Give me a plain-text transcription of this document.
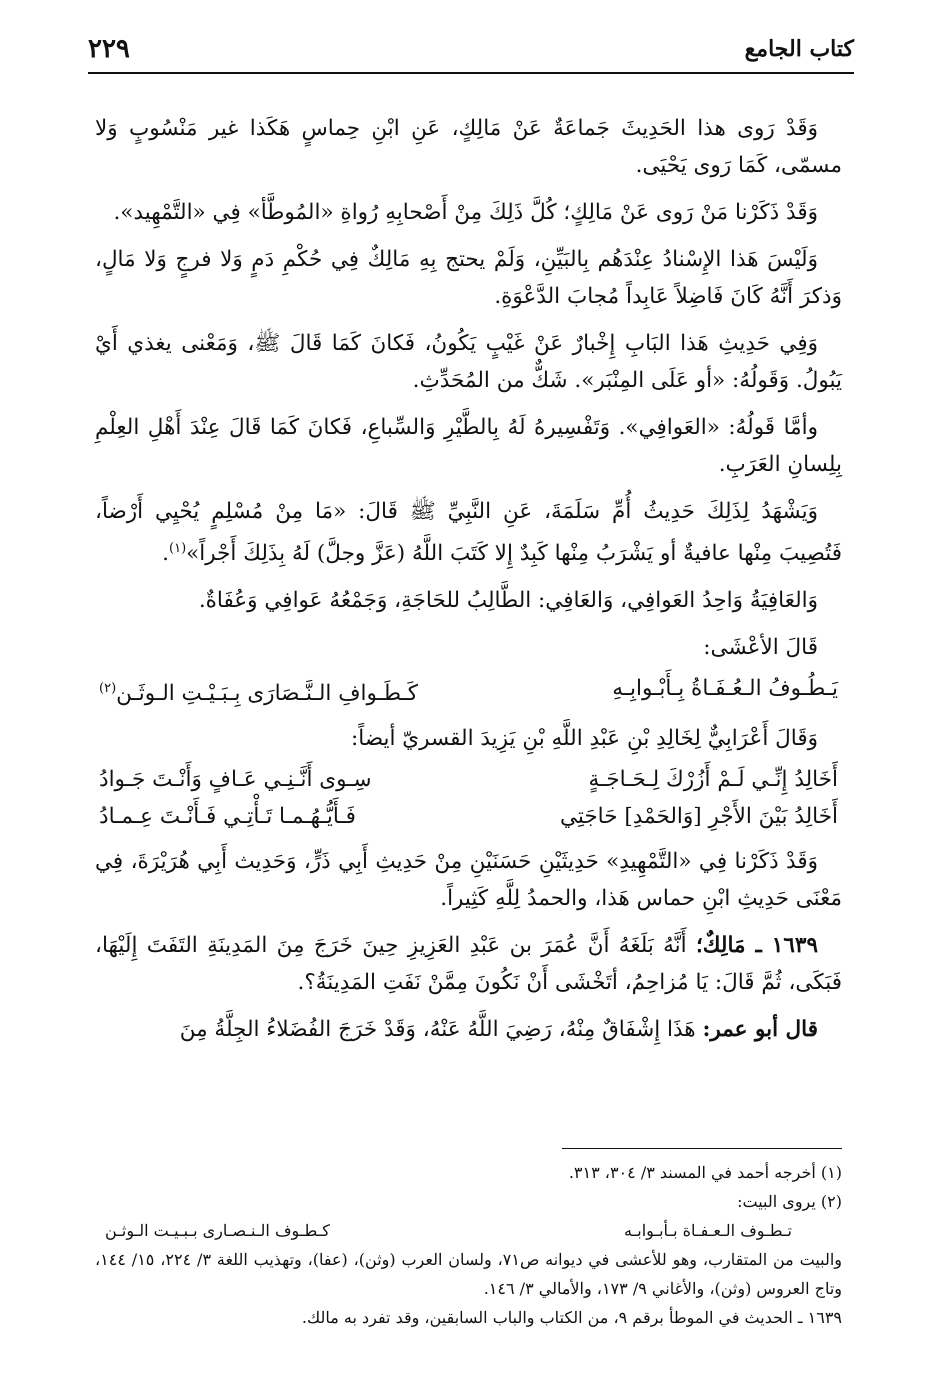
كتاب الجامع
٢٢٩

وَقَدْ رَوى هذا الحَدِيثَ جَماعَةٌ عَنْ مَالِكٍ، عَنِ ابْنِ حِماسٍ هَكَذا غير مَنْسُوبٍ وَلا مسمّى، كَمَا رَوى يَحْيَى.

وَقَدْ ذَكَرْنا مَنْ رَوى عَنْ مَالِكٍ؛ كُلَّ ذَلِكَ مِنْ أَصْحابِهِ رُواةِ «المُوطَّأ» فِي «التَّمْهِيد».

وَلَيْسَ هَذا الإِسْنادُ عِنْدَهُم بِالبَيِّنِ، وَلَمْ يحتج بِهِ مَالِكٌ فِي حُكْمِ دَمٍ وَلا فرجٍ وَلا مَالٍ، وَذكرَ أَنَّهُ كَانَ فَاضِلاً عَابِداً مُجابَ الدَّعْوَةِ.

وَفِي حَدِيثِ هَذا البَابِ إِخْبارٌ عَنْ غَيْبٍ يَكُونُ، فَكانَ كَمَا قَالَ ﷺ، وَمَعْنى يغذي أَيْ يَبُولُ. وَقَولُهُ: «أو عَلَى المِنْبَر». شَكٌّ من المُحَدِّثِ.

وأمَّا قَولُهُ: «العَوافِي». وَتَفْسِيرهُ لَهُ بِالطَّيْرِ وَالسِّباعِ، فَكانَ كَمَا قَالَ عِنْدَ أَهْلِ العِلْمِ بِلِسانِ العَرَبِ.

وَيَشْهَدُ لِذَلِكَ حَدِيثُ أُمِّ سَلَمَةَ، عَنِ النَّبِيِّ ﷺ قَالَ: «مَا مِنْ مُسْلِمٍ يُحْيِي أَرْضاً، فَتُصِيبَ مِنْها عافيةٌ أو يَشْرَبُ مِنْها كَبِدٌ إِلا كَتَبَ اللَّهُ (عَزَّ وجلَّ) لَهُ بِذَلِكَ أَجْراً»$^{(١)}$.

وَالعَافِيَةُ وَاحِدُ العَوافِي، وَالعَافِي: الطَّالِبُ للحَاجَةِ، وَجَمْعُهُ عَوافِي وَعُفَاةٌ.

قَالَ الأعْشَى:

يَـطُـوفُ الـعُـفَـاةُ بِـأَبْـوابِـهِ
كَـطَـوافِ الـنَّـصَارَى بِـبَـيْـتِ الـوثَـن$^{(٢)}$

وَقَالَ أَعْرَابِيٌّ لِخَالِدِ بْنِ عَبْدِ اللَّهِ بْنِ يَزِيدَ القسريّ أيضاً:

أَخَالِدُ إِنِّـي لَـمْ أَزُرْكَ لِـحَـاجَـةٍ
سِـوى أَنَّـنِـي عَـافٍ وَأَنْـتَ جَـوادُ
أَخَالِدُ بَيْنَ الأَجْرِ [وَالحَمْدِ] حَاجَتِي
فَـأَيُّـهُـمـا تَـأْتِـي فَـأَنْـتَ عِـمـادُ

وَقَدْ ذَكَرْنا فِي «التَّمْهِيدِ» حَدِيثَيْنِ حَسَنَيْنِ مِنْ حَدِيثِ أَبِي ذَرٍّ، وَحَدِيث أَبِي هُرَيْرَةَ، فِي مَعْنَى حَدِيثِ ابْنِ حماس هَذا، والحمدُ لِلَّهِ كَثِيراً.

١٦٣٩ ـ مَالِكٌ؛ أَنَّهُ بَلَغَهُ أَنَّ عُمَرَ بن عَبْدِ العَزِيزِ حِينَ خَرَجَ مِنَ المَدِينَةِ التَفَتَ إِلَيْهَا، فَبَكَى، ثُمَّ قَالَ: يَا مُزاحِمُ، أتَخْشَى أَنْ نَكُونَ مِمَّنْ نَفَتِ المَدِينَةُ؟.

قال أبو عمر: هَذَا إِشْفَاقٌ مِنْهُ، رَضِيَ اللَّهُ عَنْهُ، وَقَدْ خَرَجَ الفُضَلاءُ الجِلَّةُ مِنَ

(١) أخرجه أحمد في المسند ٣/ ٣٠٤، ٣١٣.
(٢) يروى البيت:
تـطـوف الـعـفـاة بـأبـوابـه
كـطـوف الـنـصـارى بـبـيـت الـوثـن
والبيت من المتقارب، وهو للأعشى في ديوانه ص٧١، ولسان العرب (وثن)، (عفا)، وتهذيب اللغة ٣/ ٢٢٤، ١٥/ ١٤٤، وتاج العروس (وثن)، والأغاني ٩/ ١٧٣، والأمالي ٣/ ١٤٦.
١٦٣٩ ـ الحديث في الموطأ برقم ٩، من الكتاب والباب السابقين، وقد تفرد به مالك.
